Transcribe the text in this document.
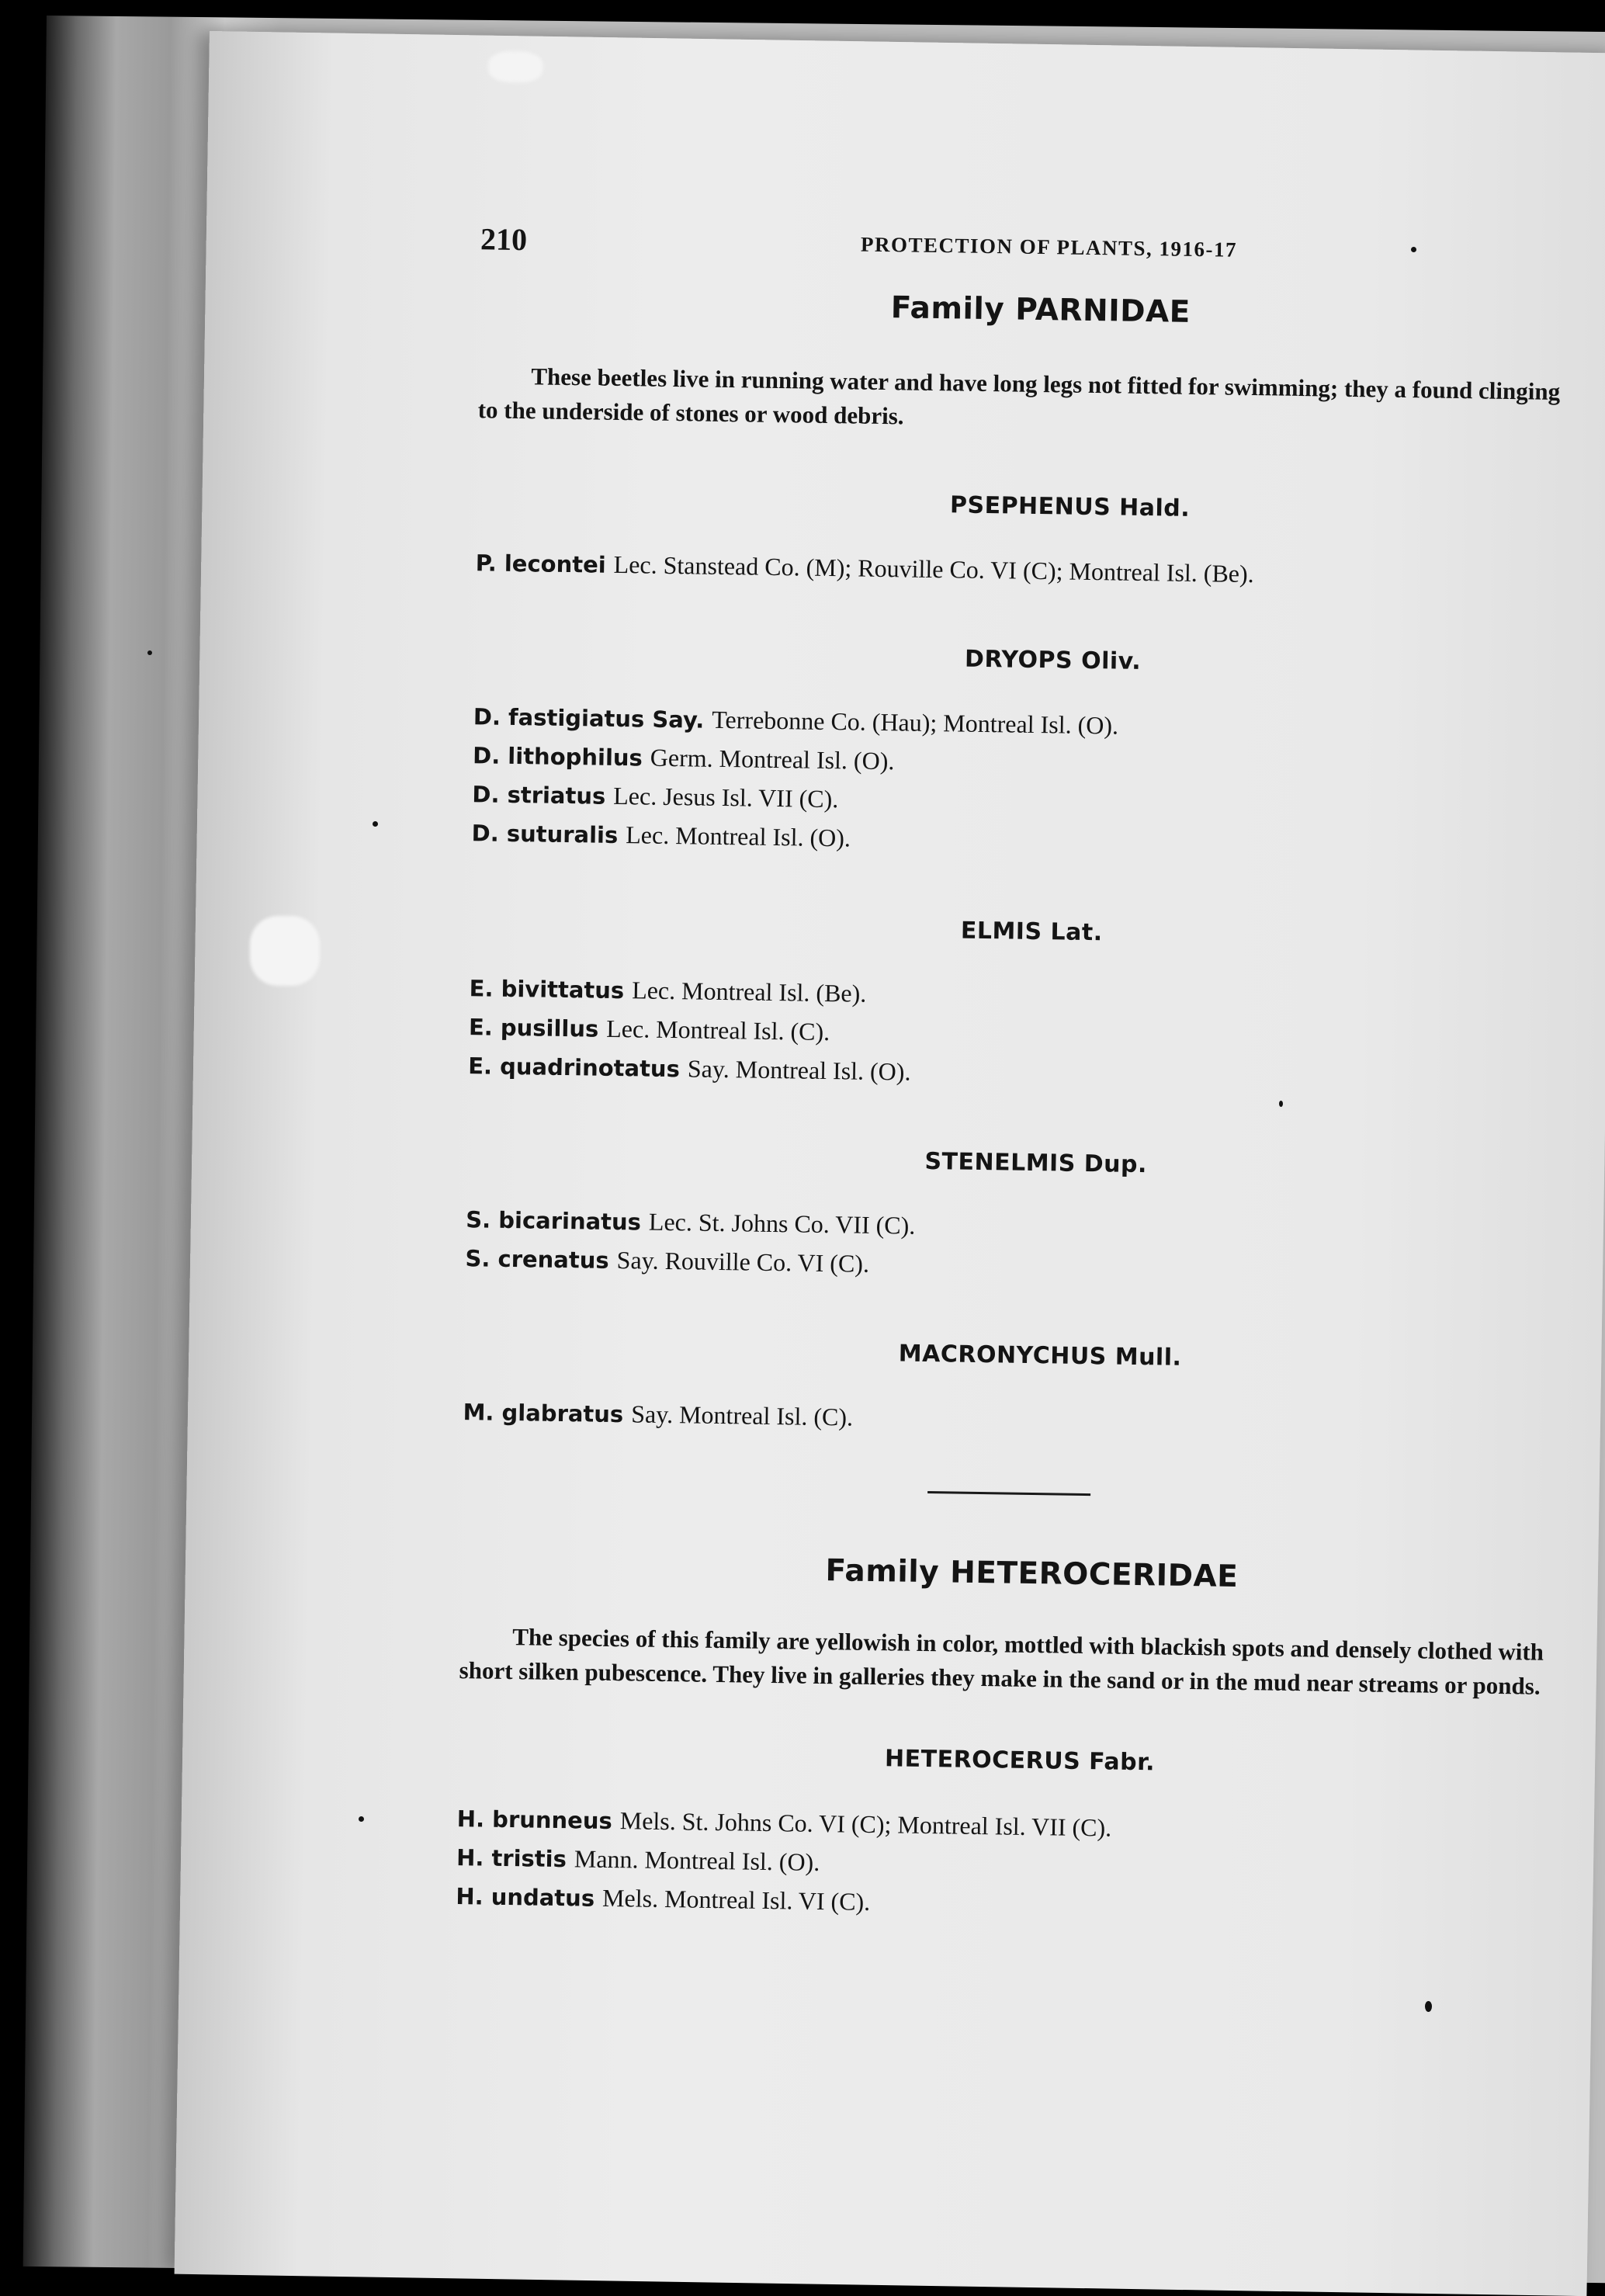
210	PROTECTION OF PLANTS, 1916-17
Family PARNIDAE
These beetles live in running water and have long legs not fitted for swimming; they a found clinging to the underside of stones or wood debris.
PSEPHENUS Hald.
P. lecontei Lec. Stanstead Co. (M); Rouville Co. VI (C); Montreal Isl. (Be).
DRYOPS Oliv.
D. fastigiatus Say. Terrebonne Co. (Hau); Montreal Isl. (O).
D. lithophilus Germ. Montreal Isl. (O).
D. striatus Lec. Jesus Isl. VII (C).
D. suturalis Lec. Montreal Isl. (O).
ELMIS Lat.
E. bivittatus Lec. Montreal Isl. (Be).
E. pusillus Lec. Montreal Isl. (C).
E. quadrinotatus Say. Montreal Isl. (O).
STENELMIS Dup.
S. bicarinatus Lec. St. Johns Co. VII (C).
S. crenatus Say. Rouville Co. VI (C).
MACRONYCHUS Mull.
M. glabratus Say. Montreal Isl. (C).
Family HETEROCERIDAE
The species of this family are yellowish in color, mottled with blackish spots and densely clothed with short silken pubescence. They live in galleries they make in the sand or in the mud near streams or ponds.
HETEROCERUS Fabr.
H. brunneus Mels. St. Johns Co. VI (C); Montreal Isl. VII (C).
H. tristis Mann. Montreal Isl. (O).
H. undatus Mels. Montreal Isl. VI (C).
